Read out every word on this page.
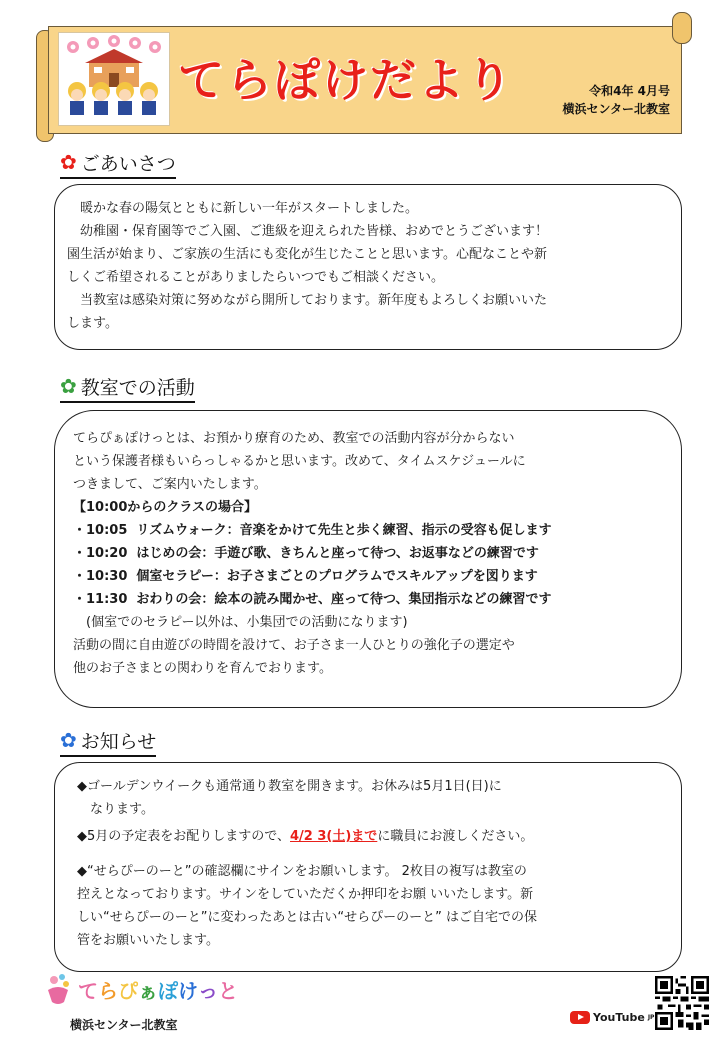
てらぽけだより	令和4年 4月号
横浜センター北教室
✿ ごあいさつ

　暖かな春の陽気とともに新しい一年がスタートしました。

　幼稚園・保育園等でご入園、ご進級を迎えられた皆様、おめでとうございます！

園生活が始まり、ご家族の生活にも変化が生じたことと思います。心配なことや新

しくご希望されることがありましたらいつでもご相談ください。

　当教室は感染対策に努めながら開所しております。新年度もよろしくお願いいた

します。

✿ 教室での活動

てらぴぁぽけっとは、お預かり療育のため、教室での活動内容が分からない

という保護者様もいらっしゃるかと思います。改めて、タイムスケジュールに

つきまして、ご案内いたします。

【10:00からのクラスの場合】

・10:05  リズムウォーク：音楽をかけて先生と歩く練習、指示の受容も促します

・10:20  はじめの会：手遊び歌、きちんと座って待つ、お返事などの練習です

・10:30  個室セラピー：お子さまごとのプログラムでスキルアップを図ります

・11:30  おわりの会：絵本の読み聞かせ、座って待つ、集団指示などの練習です

　(個室でのセラピー以外は、小集団での活動になります)

活動の間に自由遊びの時間を設けて、お子さま一人ひとりの強化子の選定や

他のお子さまとの関わりを育んでおります。

✿ お知らせ

◆ゴールデンウイークも通常通り教室を開きます。お休みは5月1日(日)に

　なります。

◆5月の予定表をお配りしますので、4/2 3(土)までに職員にお渡しください。

◆“せらぴーのーと”の確認欄にサインをお願いします。 2枚目の複写は教室の

控えとなっております。サインをしていただくか押印をお願 いいたします。新

しい“せらぴーのーと”に変わったあとは古い“せらぴーのーと” はご自宅での保

管をお願いいたします。

てらぴぁぽけっと
横浜センター北教室
YouTube JP
